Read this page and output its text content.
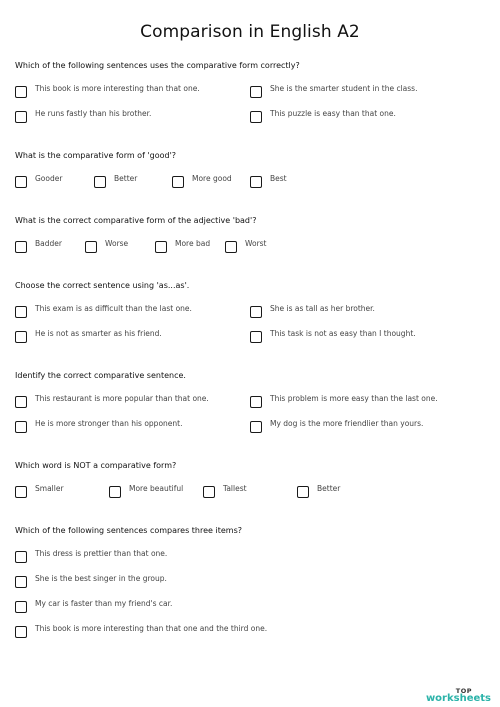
Comparison in English A2
Which of the following sentences uses the comparative form correctly?
This book is more interesting than that one.	She is the smarter student in the class.
He runs fastly than his brother.	This puzzle is easy than that one.
What is the comparative form of 'good'?
Gooder	Better	More good	Best
What is the correct comparative form of the adjective 'bad'?
Badder	Worse	More bad	Worst
Choose the correct sentence using 'as...as'.
This exam is as difficult than the last one.	She is as tall as her brother.
He is not as smarter as his friend.	This task is not as easy than I thought.
Identify the correct comparative sentence.
This restaurant is more popular than that one.	This problem is more easy than the last one.
He is more stronger than his opponent.	My dog is the more friendlier than yours.
Which word is NOT a comparative form?
Smaller	More beautiful	Tallest	Better
Which of the following sentences compares three items?
This dress is prettier than that one.
She is the best singer in the group.
My car is faster than my friend's car.
This book is more interesting than that one and the third one.
TOP
worksheets
